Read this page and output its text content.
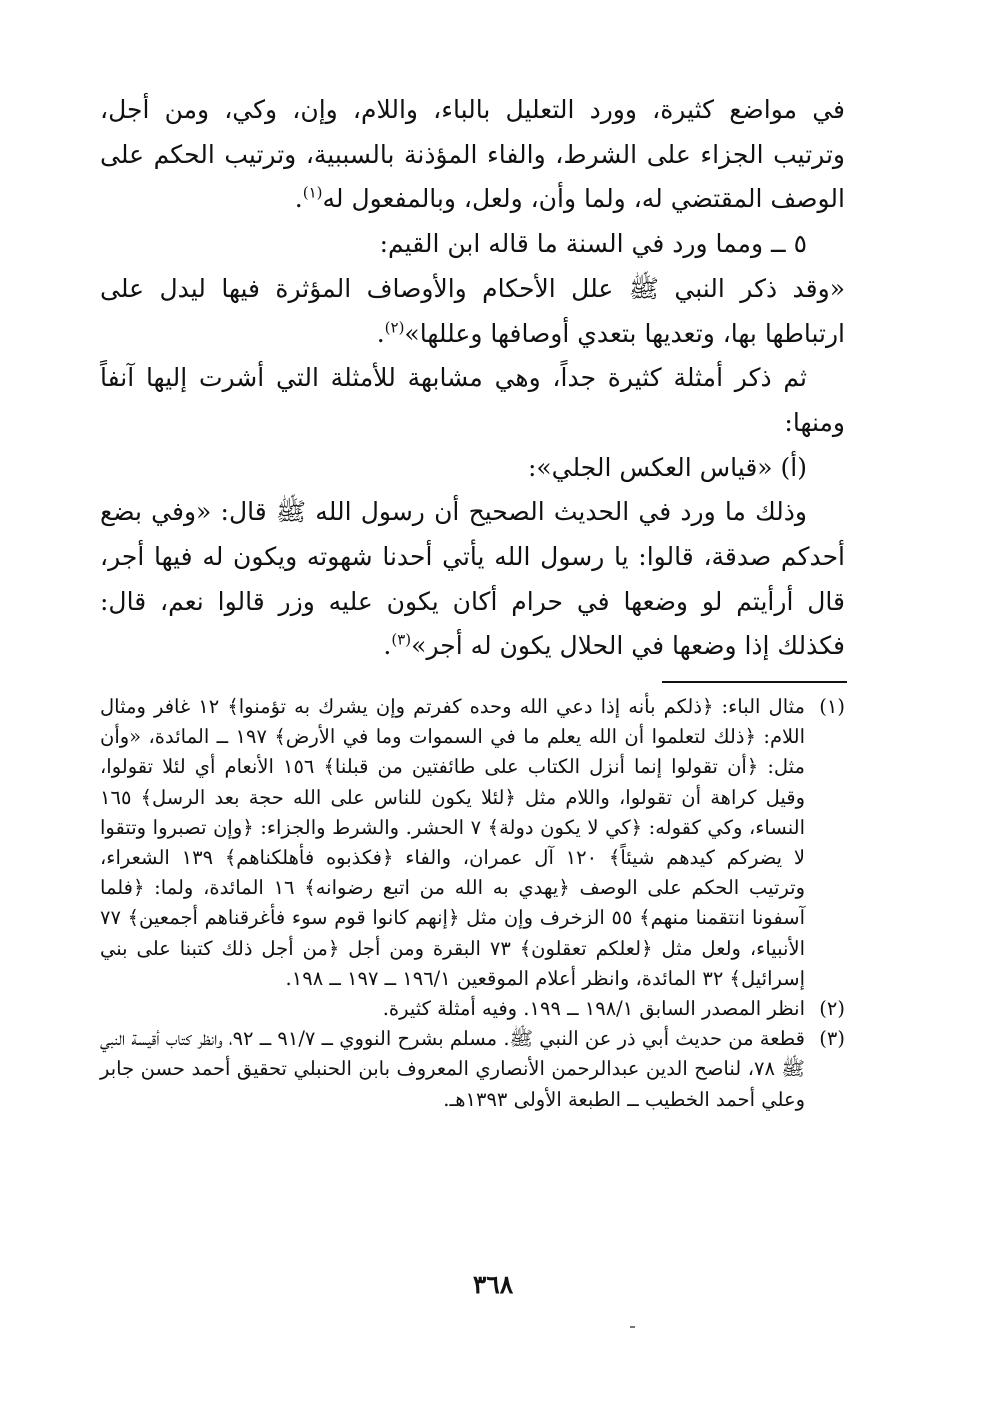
في مواضع كثيرة، وورد التعليل بالباء، واللام، وإن، وكي، ومن أجل، وترتيب الجزاء على الشرط، والفاء المؤذنة بالسببية، وترتيب الحكم على الوصف المقتضي له، ولما وأن، ولعل، وبالمفعول له$^{(١)}$.

٥ ــ ومما ورد في السنة ما قاله ابن القيم:

«وقد ذكر النبي ﷺ علل الأحكام والأوصاف المؤثرة فيها ليدل على ارتباطها بها، وتعديها بتعدي أوصافها وعللها»$^{(٢)}$.

ثم ذكر أمثلة كثيرة جداً، وهي مشابهة للأمثلة التي أشرت إليها آنفاً ومنها:

(أ) «قياس العكس الجلي»:

وذلك ما ورد في الحديث الصحيح أن رسول الله ﷺ قال: «وفي بضع أحدكم صدقة، قالوا: يا رسول الله يأتي أحدنا شهوته ويكون له فيها أجر، قال أرأيتم لو وضعها في حرام أكان يكون عليه وزر قالوا نعم، قال: فكذلك إذا وضعها في الحلال يكون له أجر»$^{(٣)}$.

(١)
مثال الباء: ﴿ذلكم بأنه إذا دعي الله وحده كفرتم وإن يشرك به تؤمنوا﴾ ١٢ غافر ومثال اللام: ﴿ذلك لتعلموا أن الله يعلم ما في السموات وما في الأرض﴾ ١٩٧ ــ المائدة، «وأن مثل: ﴿أن تقولوا إنما أنزل الكتاب على طائفتين من قبلنا﴾ ١٥٦ الأنعام أي لئلا تقولوا، وقيل كراهة أن تقولوا، واللام مثل ﴿لئلا يكون للناس على الله حجة بعد الرسل﴾ ١٦٥ النساء، وكي كقوله: ﴿كي لا يكون دولة﴾ ٧ الحشر. والشرط والجزاء: ﴿وإن تصبروا وتتقوا لا يضركم كيدهم شيئاً﴾ ١٢٠ آل عمران، والفاء ﴿فكذبوه فأهلكناهم﴾ ١٣٩ الشعراء، وترتيب الحكم على الوصف ﴿يهدي به الله من اتبع رضوانه﴾ ١٦ المائدة، ولما: ﴿فلما آسفونا انتقمنا منهم﴾ ٥٥ الزخرف وإن مثل ﴿إنهم كانوا قوم سوء فأغرقناهم أجمعين﴾ ٧٧ الأنبياء، ولعل مثل ﴿لعلكم تعقلون﴾ ٧٣ البقرة ومن أجل ﴿من أجل ذلك كتبنا على بني إسرائيل﴾ ٣٢ المائدة، وانظر أعلام الموقعين ١٩٦/١ ــ ١٩٧ ــ ١٩٨.
(٢)
انظر المصدر السابق ١٩٨/١ ــ ١٩٩. وفيه أمثلة كثيرة.
(٣)
قطعة من حديث أبي ذر عن النبي ﷺ. مسلم بشرح النووي ــ ٩١/٧ ــ ٩٢، وانظر كتاب أقيسة النبي ﷺ ٧٨، لناصح الدين عبدالرحمن الأنصاري المعروف بابن الحنبلي تحقيق أحمد حسن جابر وعلي أحمد الخطيب ــ الطبعة الأولى ١٣٩٣هـ.
٣٦٨
